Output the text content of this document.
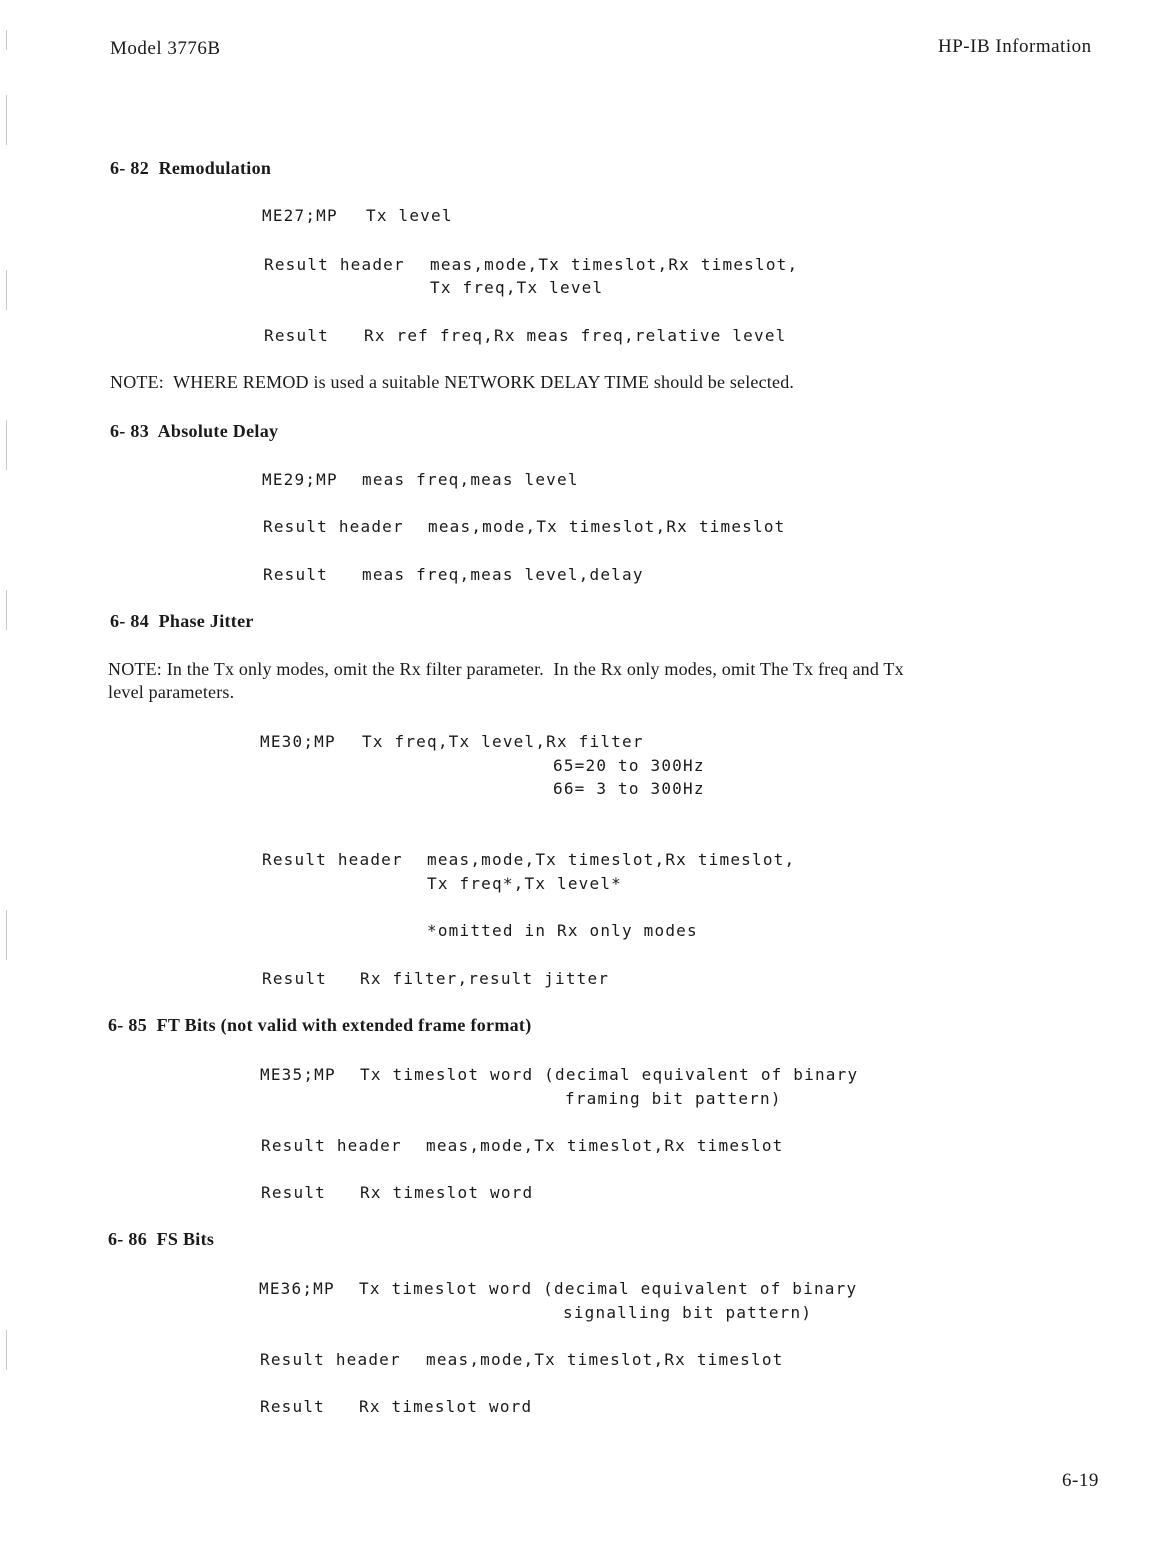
Model 3776B	HP-IB Information
6- 82  Remodulation
ME27;MP Tx level
Result header meas,mode,Tx timeslot,Rx timeslot,
Tx freq,Tx level
Result Rx ref freq,Rx meas freq,relative level
NOTE:  WHERE REMOD is used a suitable NETWORK DELAY TIME should be selected.
6- 83  Absolute Delay
ME29;MP meas freq,meas level
Result header meas,mode,Tx timeslot,Rx timeslot
Result meas freq,meas level,delay
6- 84  Phase Jitter
NOTE: In the Tx only modes, omit the Rx filter parameter.  In the Rx only modes, omit The Tx freq and Tx
level parameters.
ME30;MP Tx freq,Tx level,Rx filter
65=20 to 300Hz
66= 3 to 300Hz
Result header meas,mode,Tx timeslot,Rx timeslot,
Tx freq*,Tx level*
*omitted in Rx only modes
Result Rx filter,result jitter
6- 85  FT Bits (not valid with extended frame format)
ME35;MP Tx timeslot word (decimal equivalent of binary
framing bit pattern)
Result header meas,mode,Tx timeslot,Rx timeslot
Result Rx timeslot word
6- 86  FS Bits
ME36;MP Tx timeslot word (decimal equivalent of binary
signalling bit pattern)
Result header meas,mode,Tx timeslot,Rx timeslot
Result Rx timeslot word
6-19
